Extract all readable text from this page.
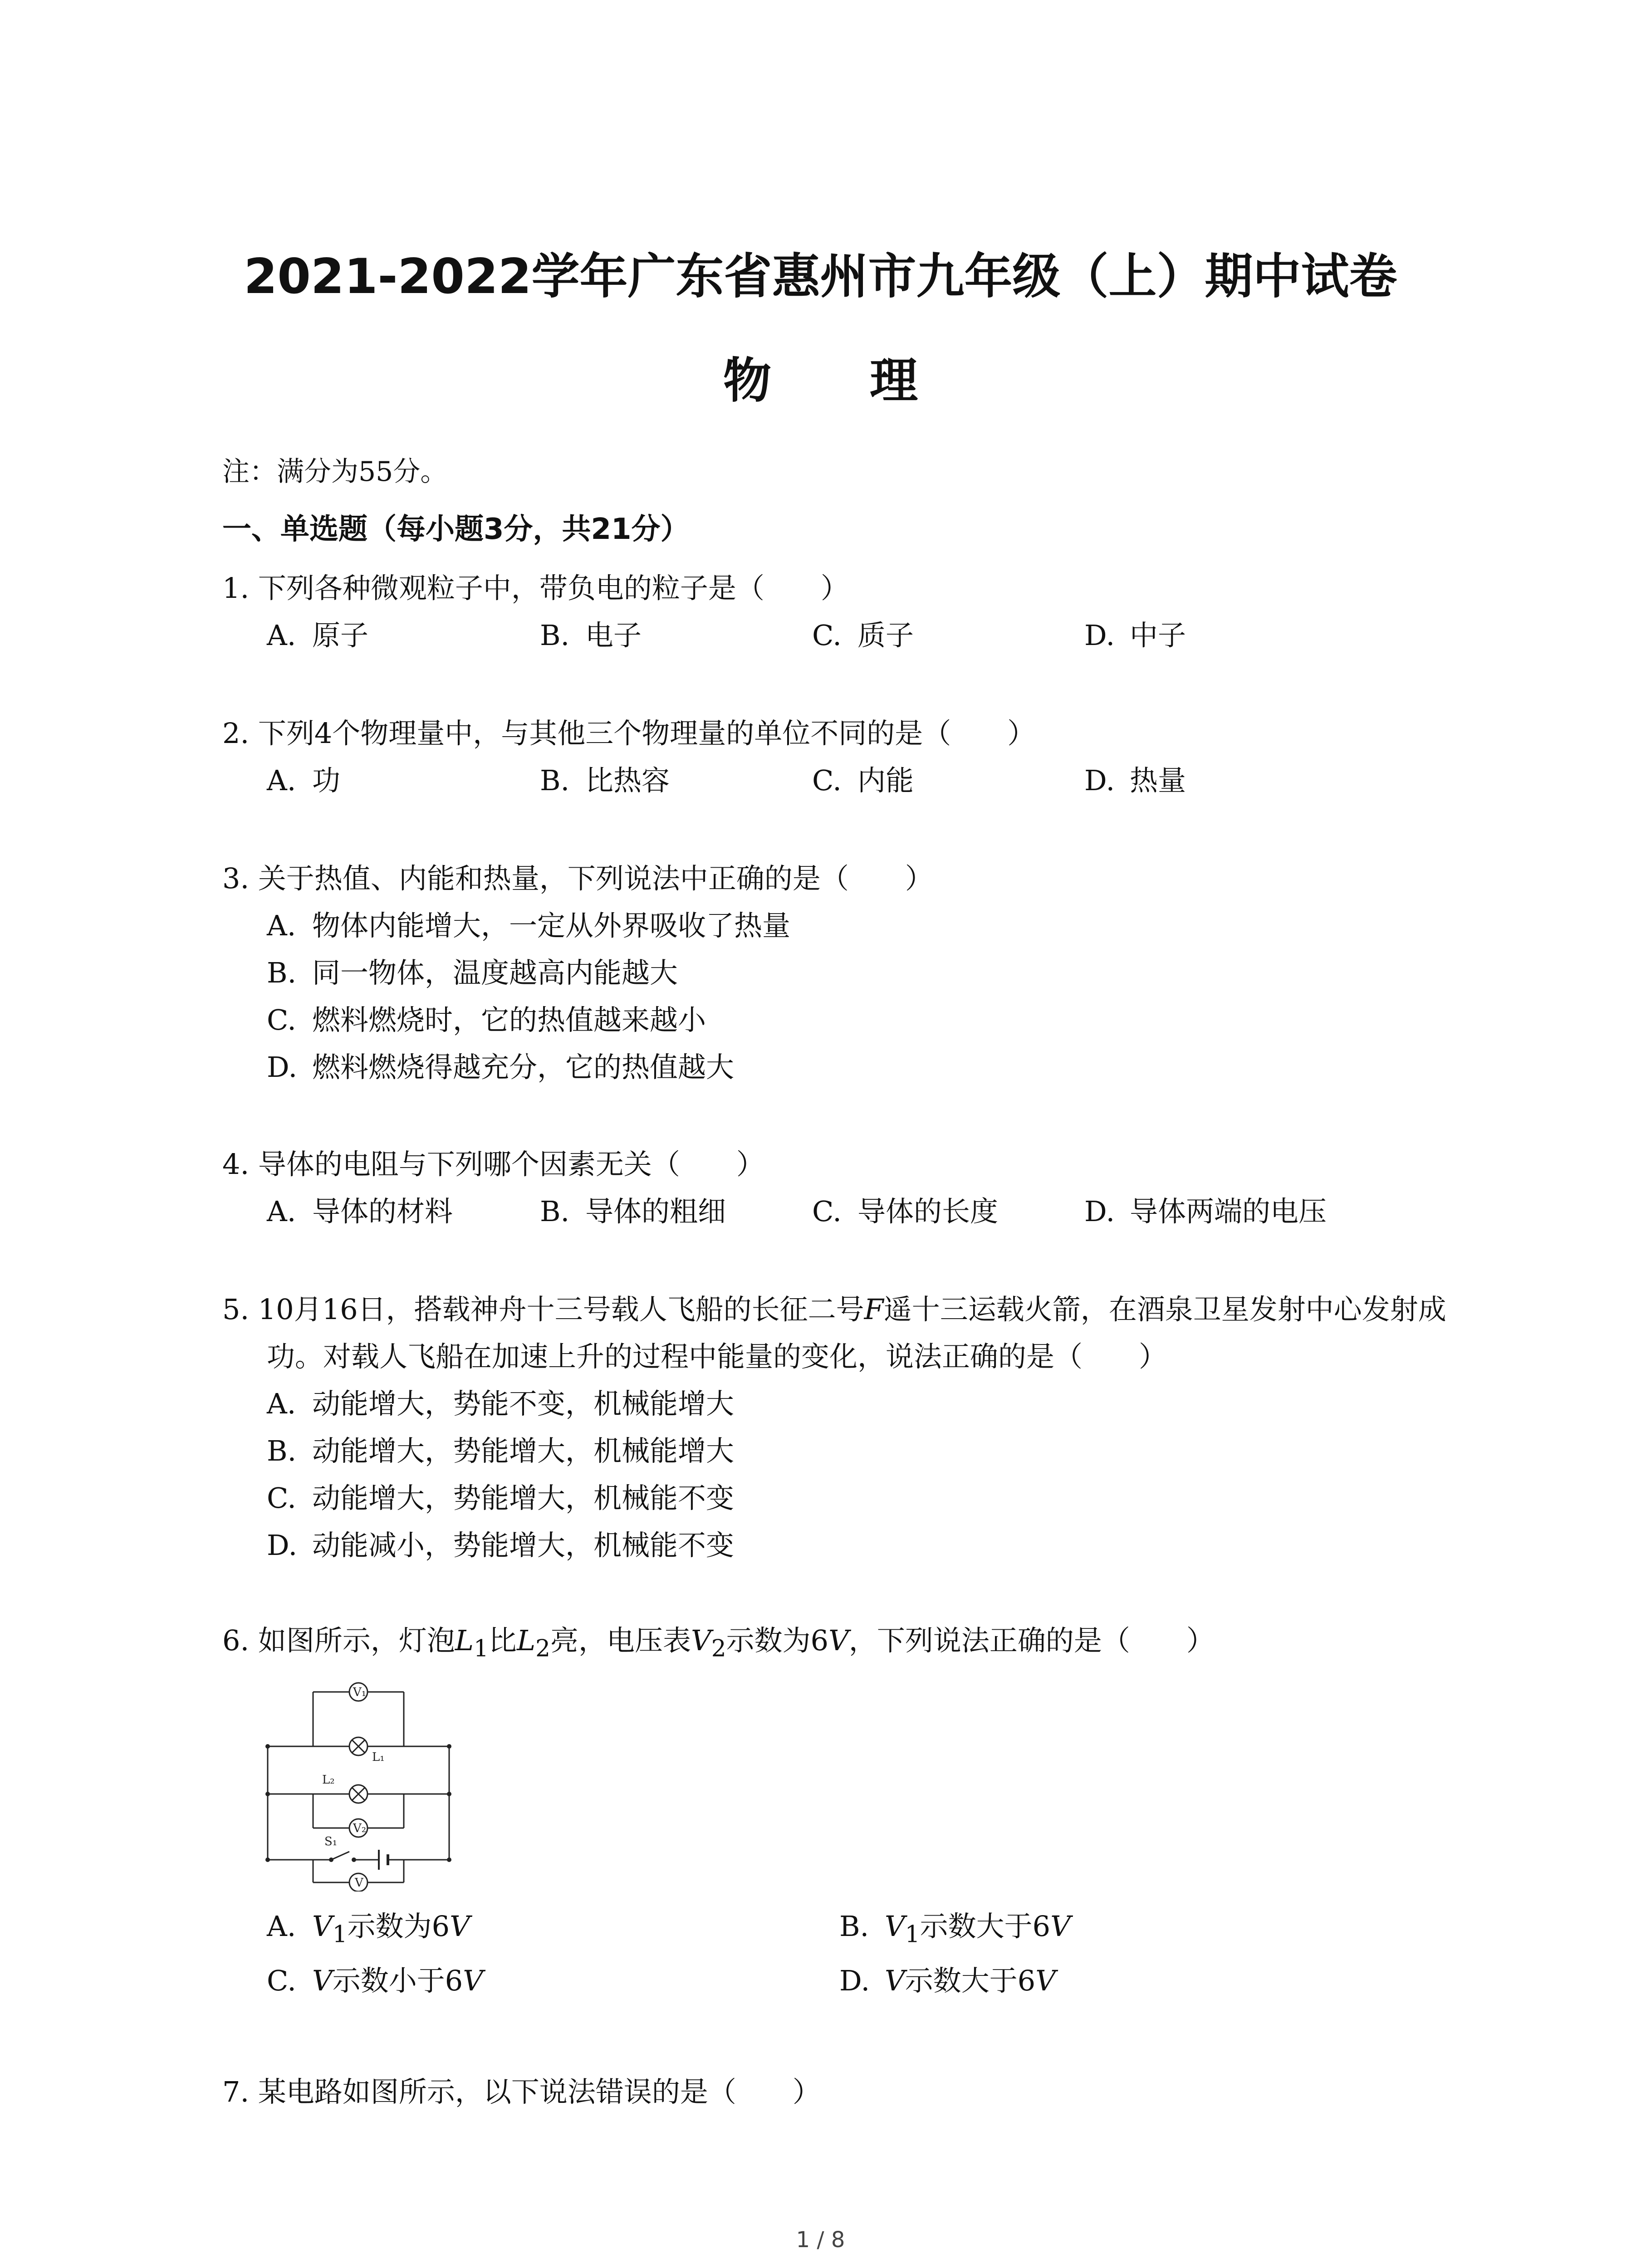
2021-2022学年广东省惠州市九年级（上）期中试卷
物 理
注：满分为55分。
一、单选题（每小题3分，共21分）
1. 下列各种微观粒子中，带负电的粒子是（　　）
A. 原子	B. 电子	C. 质子	D. 中子
2. 下列4个物理量中，与其他三个物理量的单位不同的是（　　）
A. 功	B. 比热容	C. 内能	D. 热量
3. 关于热值、内能和热量，下列说法中正确的是（　　）
A. 物体内能增大，一定从外界吸收了热量
B. 同一物体，温度越高内能越大
C. 燃料燃烧时，它的热值越来越小
D. 燃料燃烧得越充分，它的热值越大
4. 导体的电阻与下列哪个因素无关（　　）
A. 导体的材料	B. 导体的粗细	C. 导体的长度	D. 导体两端的电压
5. 10月16日，搭载神舟十三号载人飞船的长征二号F遥十三运载火箭，在酒泉卫星发射中心发射成功。对载人飞船在加速上升的过程中能量的变化，说法正确的是（　　）
A. 动能增大，势能不变，机械能增大
B. 动能增大，势能增大，机械能增大
C. 动能增大，势能增大，机械能不变
D. 动能减小，势能增大，机械能不变
6. 如图所示，灯泡$L_1$比$L_2$亮，电压表$V_2$示数为6V，下列说法正确的是（　　）
V₁
L₁
L₂
V₂
S₁
V
A. $V_1$示数为6V	B. $V_1$示数大于6V
C. V示数小于6V	D. V示数大于6V
7. 某电路如图所示，以下说法错误的是（　　）
1 / 8
